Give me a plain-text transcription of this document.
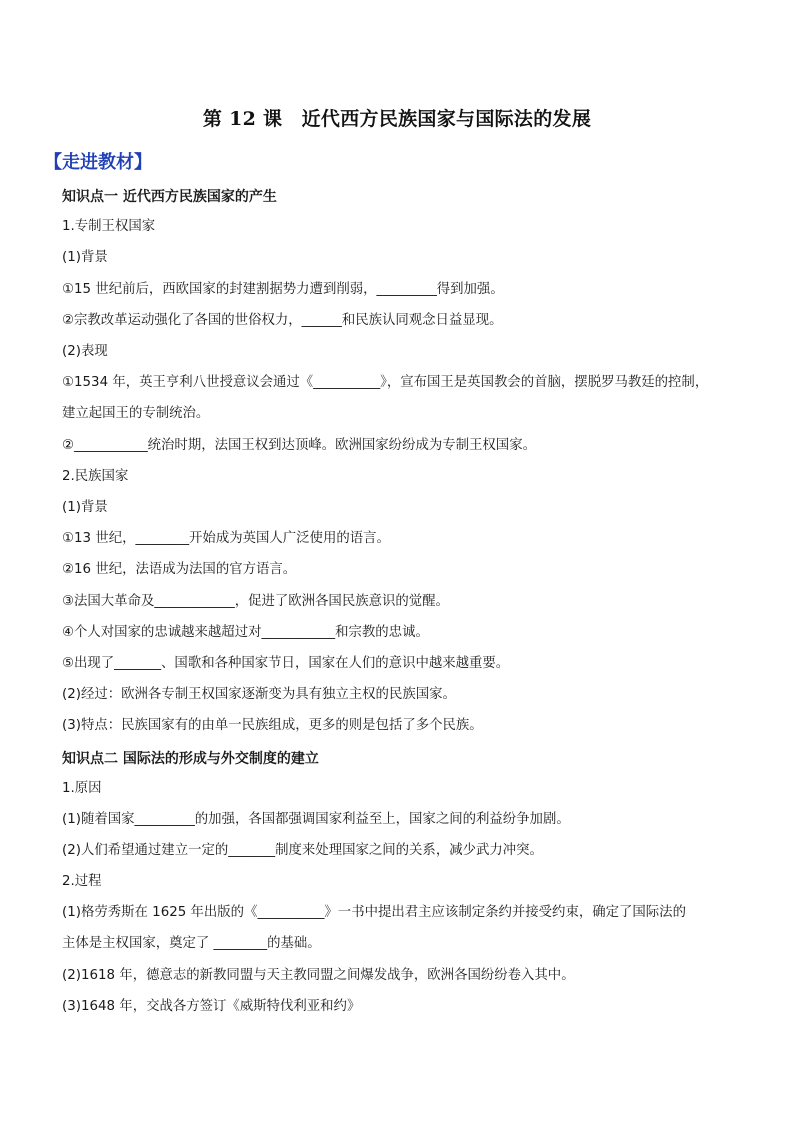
第 12 课　近代西方民族国家与国际法的发展
【走进教材】
知识点一 近代西方民族国家的产生
1.专制王权国家
(1)背景
①15 世纪前后，西欧国家的封建割据势力遭到削弱，_________得到加强。
②宗教改革运动强化了各国的世俗权力，______和民族认同观念日益显现。
(2)表现
①1534 年，英王亨利八世授意议会通过《__________》，宣布国王是英国教会的首脑，摆脱罗马教廷的控制，
建立起国王的专制统治。
②___________统治时期，法国王权到达顶峰。欧洲国家纷纷成为专制王权国家。
2.民族国家
(1)背景
①13 世纪，________开始成为英国人广泛使用的语言。
②16 世纪，法语成为法国的官方语言。
③法国大革命及____________，促进了欧洲各国民族意识的觉醒。
④个人对国家的忠诚越来越超过对___________和宗教的忠诚。
⑤出现了_______、国歌和各种国家节日，国家在人们的意识中越来越重要。
(2)经过：欧洲各专制王权国家逐渐变为具有独立主权的民族国家。
(3)特点：民族国家有的由单一民族组成，更多的则是包括了多个民族。
知识点二 国际法的形成与外交制度的建立
1.原因
(1)随着国家_________的加强，各国都强调国家利益至上，国家之间的利益纷争加剧。
(2)人们希望通过建立一定的_______制度来处理国家之间的关系，减少武力冲突。
2.过程
(1)格劳秀斯在 1625 年出版的《__________》一书中提出君主应该制定条约并接受约束，确定了国际法的
主体是主权国家，奠定了 ________的基础。
(2)1618 年，德意志的新教同盟与天主教同盟之间爆发战争，欧洲各国纷纷卷入其中。
(3)1648 年，交战各方签订《威斯特伐利亚和约》
